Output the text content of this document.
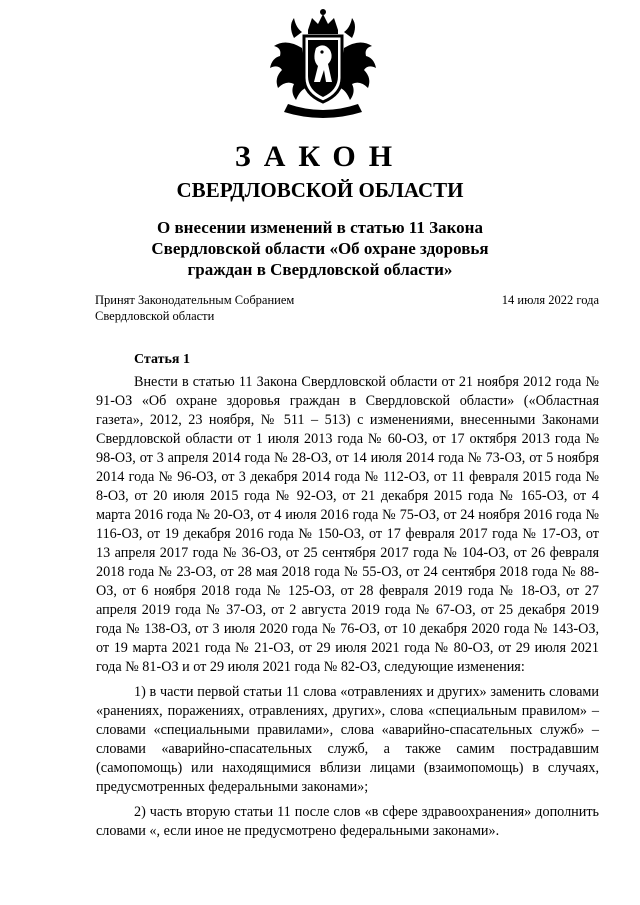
ЗАКОН
СВЕРДЛОВСКОЙ ОБЛАСТИ
О внесении изменений в статью 11 Закона
Свердловской области «Об охране здоровья
граждан в Свердловской области»
Принят Законодательным Собранием
Свердловской области
14 июля 2022 года
Статья 1

Внести в статью 11 Закона Свердловской области от 21 ноября 2012 года № 91-ОЗ «Об охране здоровья граждан в Свердловской области» («Областная газета», 2012, 23 ноября, № 511 – 513) с изменениями, внесенными Законами Свердловской области от 1 июля 2013 года № 60-ОЗ, от 17 октября 2013 года № 98-ОЗ, от 3 апреля 2014 года № 28-ОЗ, от 14 июля 2014 года № 73-ОЗ, от 5 ноября 2014 года № 96-ОЗ, от 3 декабря 2014 года № 112-ОЗ, от 11 февраля 2015 года № 8-ОЗ, от 20 июля 2015 года № 92-ОЗ, от 21 декабря 2015 года № 165-ОЗ, от 4 марта 2016 года № 20-ОЗ, от 4 июля 2016 года № 75-ОЗ, от 24 ноября 2016 года № 116-ОЗ, от 19 декабря 2016 года № 150-ОЗ, от 17 февраля 2017 года № 17-ОЗ, от 13 апреля 2017 года № 36-ОЗ, от 25 сентября 2017 года № 104-ОЗ, от 26 февраля 2018 года № 23-ОЗ, от 28 мая 2018 года № 55-ОЗ, от 24 сентября 2018 года № 88-ОЗ, от 6 ноября 2018 года № 125-ОЗ, от 28 февраля 2019 года № 18-ОЗ, от 27 апреля 2019 года № 37-ОЗ, от 2 августа 2019 года № 67-ОЗ, от 25 декабря 2019 года № 138-ОЗ, от 3 июля 2020 года № 76-ОЗ, от 10 декабря 2020 года № 143-ОЗ, от 19 марта 2021 года № 21-ОЗ, от 29 июля 2021 года № 80-ОЗ, от 29 июля 2021 года № 81-ОЗ и от 29 июля 2021 года № 82-ОЗ, следующие изменения:

1) в части первой статьи 11 слова «отравлениях и других» заменить словами «ранениях, поражениях, отравлениях, других», слова «специальным правилом» – словами «специальными правилами», слова «аварийно-спасательных служб» – словами «аварийно-спасательных служб, а также самим пострадавшим (самопомощь) или находящимися вблизи лицами (взаимопомощь) в случаях, предусмотренных федеральными законами»;

2) часть вторую статьи 11 после слов «в сфере здравоохранения» дополнить словами «, если иное не предусмотрено федеральными законами».
